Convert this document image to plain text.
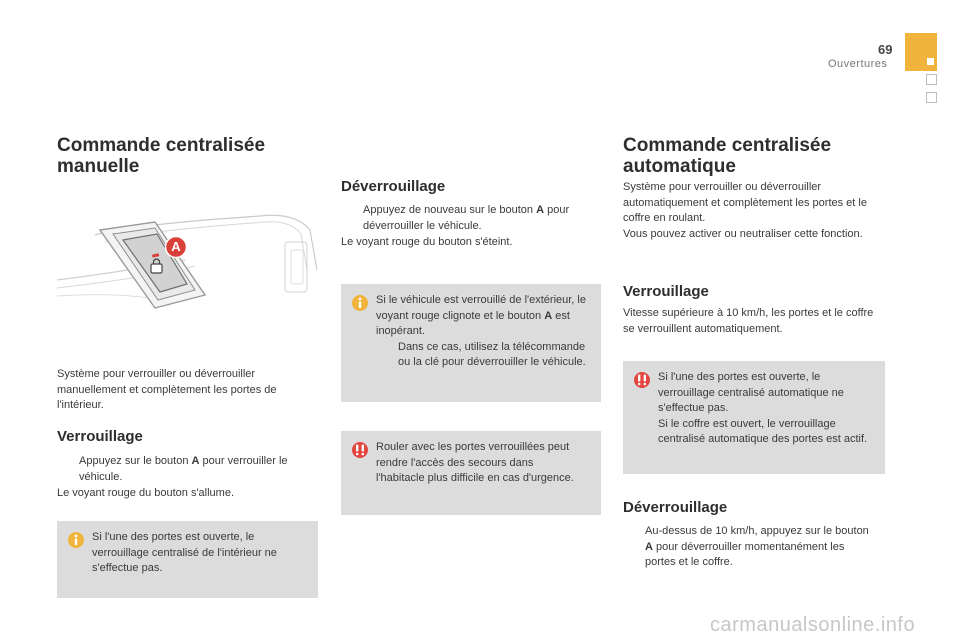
69
Ouvertures
Commande centralisée
manuelle
A

Système pour verrouiller ou déverrouiller manuellement et complètement les portes de l'intérieur.

Verrouillage
Appuyez sur le bouton A pour verrouiller le véhicule.

Le voyant rouge du bouton s'allume.

Si l'une des portes est ouverte, le verrouillage centralisé de l'intérieur ne s'effectue pas.
Déverrouillage
Appuyez de nouveau sur le bouton A pour déverrouiller le véhicule.

Le voyant rouge du bouton s'éteint.

Si le véhicule est verrouillé de l'extérieur, le voyant rouge clignote et le bouton A est inopérant.
Dans ce cas, utilisez la télécommande ou la clé pour déverrouiller le véhicule.
Rouler avec les portes verrouillées peut rendre l'accès des secours dans l'habitacle plus difficile en cas d'urgence.
Commande centralisée
automatique

Système pour verrouiller ou déverrouiller automatiquement et complètement les portes et le coffre en roulant.
Vous pouvez activer ou neutraliser cette fonction.

Verrouillage

Vitesse supérieure à 10 km/h, les portes et le coffre se verrouillent automatiquement.

Si l'une des portes est ouverte, le verrouillage centralisé automatique ne s'effectue pas.
Si le coffre est ouvert, le verrouillage centralisé automatique des portes est actif.
Déverrouillage
Au-dessus de 10 km/h, appuyez sur le bouton A pour déverrouiller momentanément les portes et le coffre.
carmanualsonline.info
